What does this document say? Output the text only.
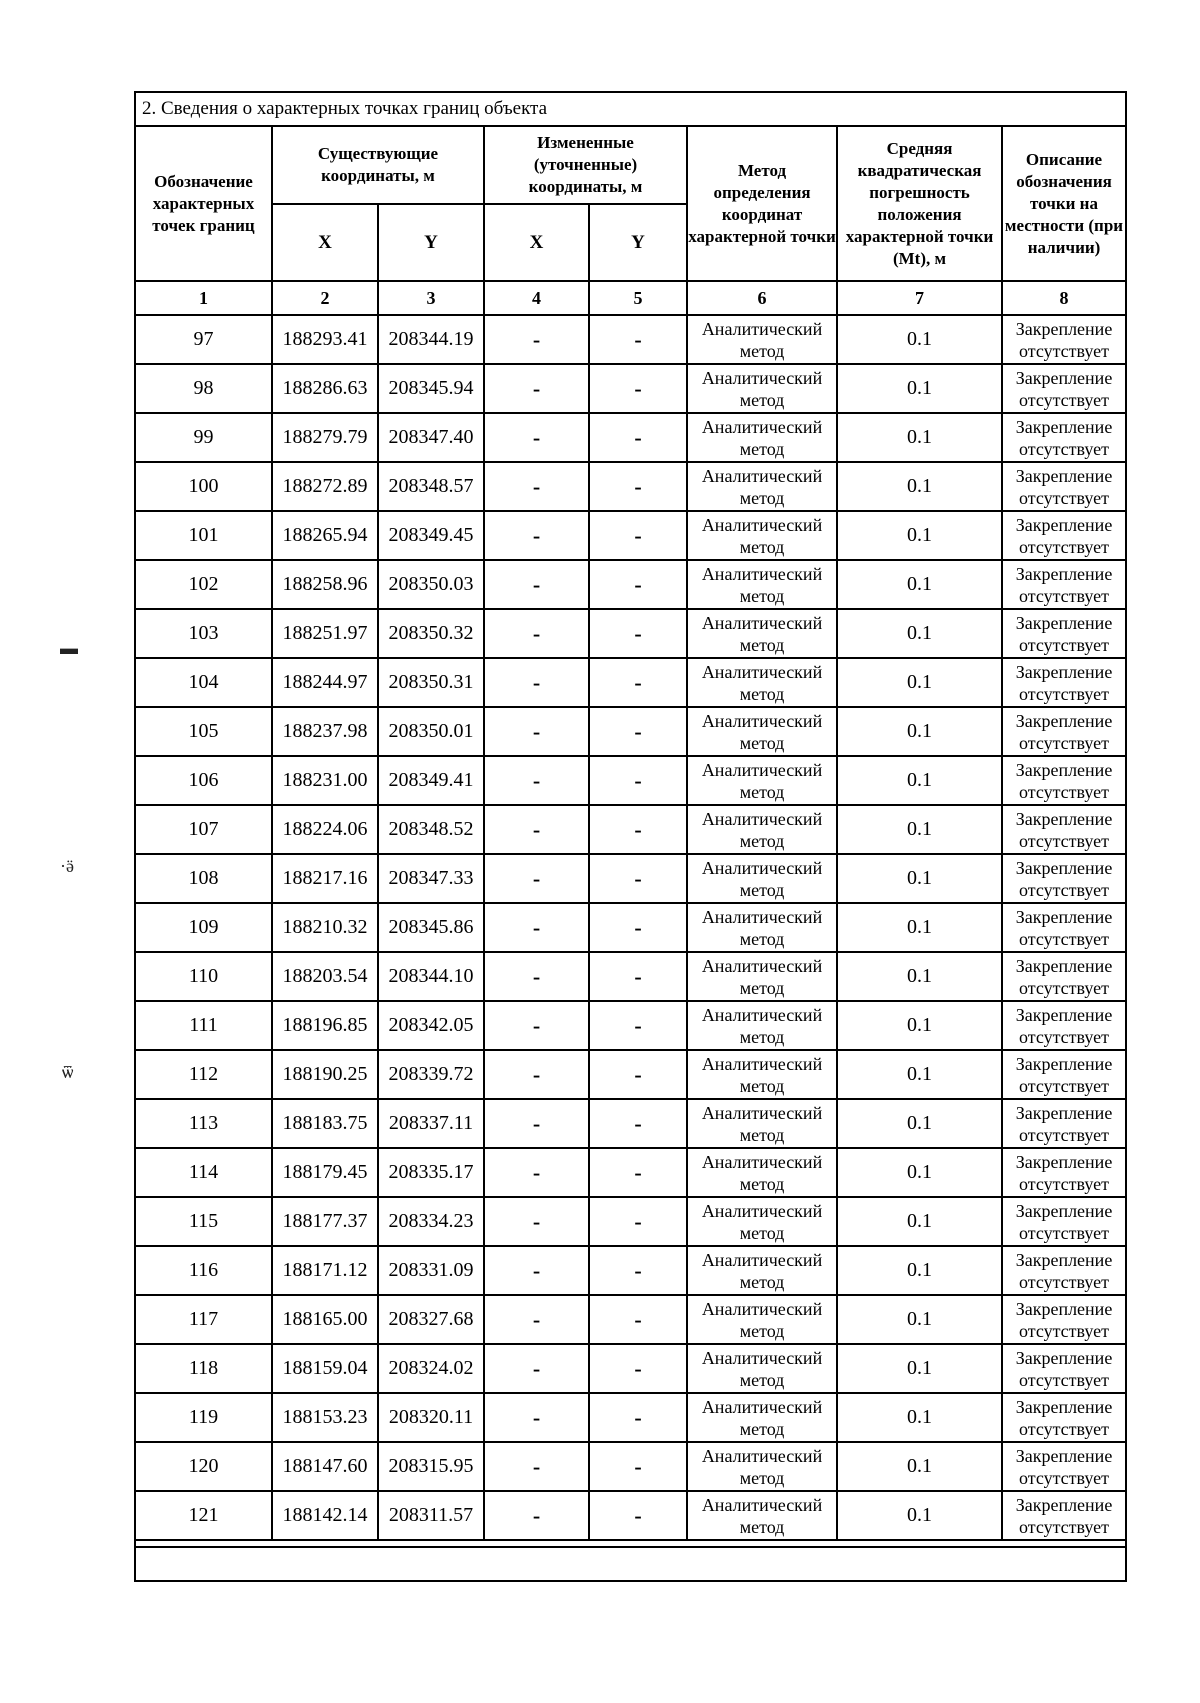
▬
·ӛ
ѿ
2. Сведения о характерных точках границ объекта
Обозначение характерных точек границ	Существующие координаты, м		Измененные (уточненные) координаты, м		Метод определения координат характерной точки	Средняя квадратическая погрешность положения характерной точки (Mt), м	Описание обозначения точки на местности (при наличии)
	X	Y	X	Y			
1	2	3	4	5	6	7	8
97	188293.41	208344.19	-	-	Аналитический метод	0.1	Закрепление отсутствует
98	188286.63	208345.94	-	-	Аналитический метод	0.1	Закрепление отсутствует
99	188279.79	208347.40	-	-	Аналитический метод	0.1	Закрепление отсутствует
100	188272.89	208348.57	-	-	Аналитический метод	0.1	Закрепление отсутствует
101	188265.94	208349.45	-	-	Аналитический метод	0.1	Закрепление отсутствует
102	188258.96	208350.03	-	-	Аналитический метод	0.1	Закрепление отсутствует
103	188251.97	208350.32	-	-	Аналитический метод	0.1	Закрепление отсутствует
104	188244.97	208350.31	-	-	Аналитический метод	0.1	Закрепление отсутствует
105	188237.98	208350.01	-	-	Аналитический метод	0.1	Закрепление отсутствует
106	188231.00	208349.41	-	-	Аналитический метод	0.1	Закрепление отсутствует
107	188224.06	208348.52	-	-	Аналитический метод	0.1	Закрепление отсутствует
108	188217.16	208347.33	-	-	Аналитический метод	0.1	Закрепление отсутствует
109	188210.32	208345.86	-	-	Аналитический метод	0.1	Закрепление отсутствует
110	188203.54	208344.10	-	-	Аналитический метод	0.1	Закрепление отсутствует
111	188196.85	208342.05	-	-	Аналитический метод	0.1	Закрепление отсутствует
112	188190.25	208339.72	-	-	Аналитический метод	0.1	Закрепление отсутствует
113	188183.75	208337.11	-	-	Аналитический метод	0.1	Закрепление отсутствует
114	188179.45	208335.17	-	-	Аналитический метод	0.1	Закрепление отсутствует
115	188177.37	208334.23	-	-	Аналитический метод	0.1	Закрепление отсутствует
116	188171.12	208331.09	-	-	Аналитический метод	0.1	Закрепление отсутствует
117	188165.00	208327.68	-	-	Аналитический метод	0.1	Закрепление отсутствует
118	188159.04	208324.02	-	-	Аналитический метод	0.1	Закрепление отсутствует
119	188153.23	208320.11	-	-	Аналитический метод	0.1	Закрепление отсутствует
120	188147.60	208315.95	-	-	Аналитический метод	0.1	Закрепление отсутствует
121	188142.14	208311.57	-	-	Аналитический метод	0.1	Закрепление отсутствует
